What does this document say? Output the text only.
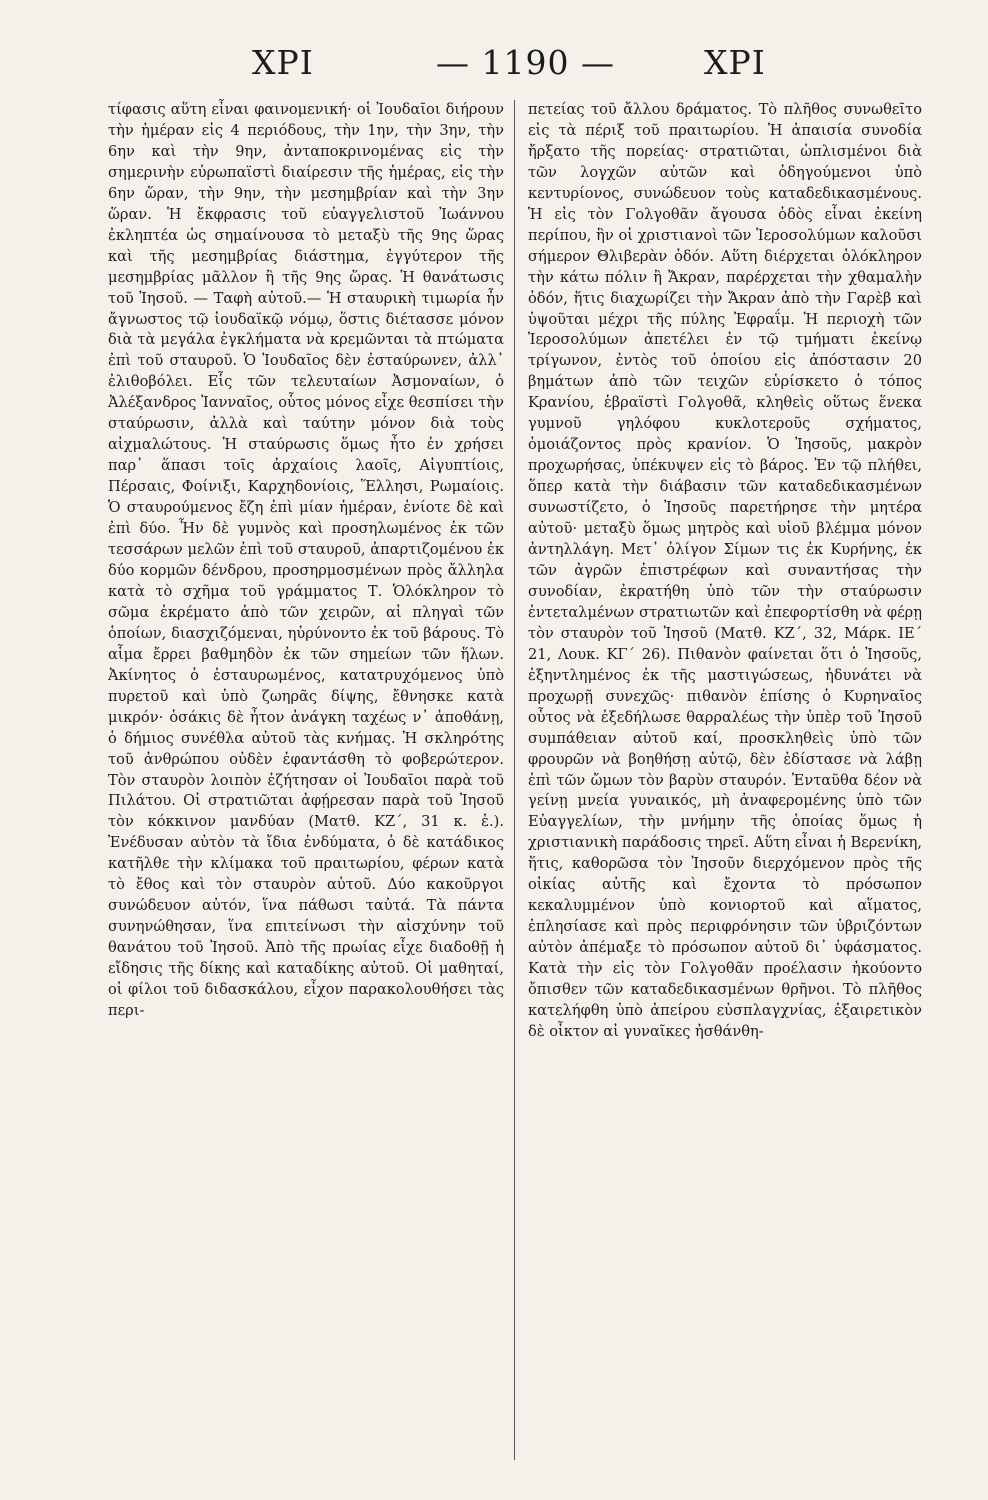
XPI	— 1190 —	XPI

τίφασις αὕτη εἶναι φαινομενική· οἱ Ἰουδαῖοι διήρουν τὴν ἡμέραν εἰς 4 περιόδους, τὴν 1ην, τὴν 3ην, τὴν 6ην καὶ τὴν 9ην, ἀνταποκρινομένας εἰς τὴν σημερινὴν εὐρωπαϊστὶ διαίρεσιν τῆς ἡμέρας, εἰς τὴν 6ην ὥραν, τὴν 9ην, τὴν μεσημβρίαν καὶ τὴν 3ην ὥραν. Ἡ ἔκφρασις τοῦ εὐαγγελιστοῦ Ἰωάννου ἐκληπτέα ὡς σημαίνουσα τὸ μεταξὺ τῆς 9ης ὥρας καὶ τῆς μεσημβρίας διάστημα, ἐγγύτερον τῆς μεσημβρίας μᾶλλον ἢ τῆς 9ης ὥρας. Ἡ θανάτωσις τοῦ Ἰησοῦ. — Ταφὴ αὐτοῦ.— Ἡ σταυρικὴ τιμωρία ἦν ἄγνωστος τῷ ἰουδαϊκῷ νόμῳ, ὅστις διέτασσε μόνον διὰ τὰ μεγάλα ἐγκλήματα νὰ κρεμῶνται τὰ πτώματα ἐπὶ τοῦ σταυροῦ. Ὁ Ἰουδαῖος δὲν ἐσταύρωνεν, ἀλλ᾽ ἐλιθοβόλει. Εἷς τῶν τελευταίων Ἀσμοναίων, ὁ Ἀλέξανδρος Ἰανναῖος, οὗτος μόνος εἶχε θεσπίσει τὴν σταύρωσιν, ἀλλὰ καὶ ταύτην μόνον διὰ τοὺς αἰχμαλώτους. Ἡ σταύρωσις ὅμως ἦτο ἐν χρήσει παρ᾽ ἅπασι τοῖς ἀρχαίοις λαοῖς, Αἰγυπτίοις, Πέρσαις, Φοίνιξι, Καρχηδονίοις, Ἕλλησι, Ρωμαίοις. Ὁ σταυρούμενος ἔζη ἐπὶ μίαν ἡμέραν, ἐνίοτε δὲ καὶ ἐπὶ δύο. Ἦν δὲ γυμνὸς καὶ προσηλωμένος ἐκ τῶν τεσσάρων μελῶν ἐπὶ τοῦ σταυροῦ, ἀπαρτιζομένου ἐκ δύο κορμῶν δένδρου, προσηρμοσμένων πρὸς ἄλληλα κατὰ τὸ σχῆμα τοῦ γράμματος Τ. Ὁλόκληρον τὸ σῶμα ἐκρέματο ἀπὸ τῶν χειρῶν, αἱ πληγαὶ τῶν ὁποίων, διασχιζόμεναι, ηὐρύνοντο ἐκ τοῦ βάρους. Τὸ αἷμα ἔρρει βαθμηδὸν ἐκ τῶν σημείων τῶν ἥλων. Ἀκίνητος ὁ ἐσταυρωμένος, κατατρυχόμενος ὑπὸ πυρετοῦ καὶ ὑπὸ ζωηρᾶς δίψης, ἔθνησκε κατὰ μικρόν· ὁσάκις δὲ ἦτον ἀνάγκη ταχέως ν᾽ ἀποθάνῃ, ὁ δήμιος συνέθλα αὐτοῦ τὰς κνήμας. Ἡ σκληρότης τοῦ ἀνθρώπου οὐδὲν ἐφαντάσθη τὸ φοβερώτερον. Τὸν σταυρὸν λοιπὸν ἐζήτησαν οἱ Ἰουδαῖοι παρὰ τοῦ Πιλάτου. Οἱ στρατιῶται ἀφῄρεσαν παρὰ τοῦ Ἰησοῦ τὸν κόκκινον μανδύαν (Ματθ. ΚΖ΄, 31 κ. ἑ.). Ἐνέδυσαν αὐτὸν τὰ ἴδια ἐνδύματα, ὁ δὲ κατάδικος κατῆλθε τὴν κλίμακα τοῦ πραιτωρίου, φέρων κατὰ τὸ ἔθος καὶ τὸν σταυρὸν αὐτοῦ. Δύο κακοῦργοι συνώδευον αὐτόν, ἵνα πάθωσι ταὐτά. Τὰ πάντα συνηνώθησαν, ἵνα επιτείνωσι τὴν αἰσχύνην τοῦ θανάτου τοῦ Ἰησοῦ. Ἀπὸ τῆς πρωίας εἶχε διαδοθῇ ἡ εἴδησις τῆς δίκης καὶ καταδίκης αὐτοῦ. Οἱ μαθηταί, οἱ φίλοι τοῦ διδασκάλου, εἶχον παρακολουθήσει τὰς περι-

πετείας τοῦ ἄλλου δράματος. Τὸ πλῆθος συνωθεῖτο εἰς τὰ πέριξ τοῦ πραιτωρίου. Ἡ ἀπαισία συνοδία ἤρξατο τῆς πορείας· στρατιῶται, ὡπλισμένοι διὰ τῶν λογχῶν αὐτῶν καὶ ὁδηγούμενοι ὑπὸ κεντυρίονος, συνώδευον τοὺς καταδεδικασμένους. Ἡ εἰς τὸν Γολγοθᾶν ἄγουσα ὁδὸς εἶναι ἐκείνη περίπου, ἣν οἱ χριστιανοὶ τῶν Ἱεροσολύμων καλοῦσι σήμερον Θλιβερὰν ὁδόν. Αὕτη διέρχεται ὁλόκληρον τὴν κάτω πόλιν ἢ Ἄκραν, παρέρχεται τὴν χθαμαλὴν ὁδόν, ἥτις διαχωρίζει τὴν Ἄκραν ἀπὸ τὴν Γαρὲβ καὶ ὑψοῦται μέχρι τῆς πύλης Ἐφραΐμ. Ἡ περιοχὴ τῶν Ἱεροσολύμων ἀπετέλει ἐν τῷ τμήματι ἐκείνῳ τρίγωνον, ἐντὸς τοῦ ὁποίου εἰς ἀπόστασιν 20 βημάτων ἀπὸ τῶν τειχῶν εὑρίσκετο ὁ τόπος Κρανίου, ἑβραϊστὶ Γολγοθᾶ, κληθεὶς οὕτως ἕνεκα γυμνοῦ γηλόφου κυκλοτεροῦς σχήματος, ὁμοιάζοντος πρὸς κρανίον. Ὁ Ἰησοῦς, μακρὸν προχωρήσας, ὑπέκυψεν εἰς τὸ βάρος. Ἐν τῷ πλήθει, ὅπερ κατὰ τὴν διάβασιν τῶν καταδεδικασμένων συνωστίζετο, ὁ Ἰησοῦς παρετήρησε τὴν μητέρα αὐτοῦ· μεταξὺ ὅμως μητρὸς καὶ υἱοῦ βλέμμα μόνον ἀντηλλάγη. Μετ᾽ ὀλίγον Σίμων τις ἐκ Κυρήνης, ἐκ τῶν ἀγρῶν ἐπιστρέφων καὶ συναντήσας τὴν συνοδίαν, ἐκρατήθη ὑπὸ τῶν τὴν σταύρωσιν ἐντεταλμένων στρατιωτῶν καὶ ἐπεφορτίσθη νὰ φέρῃ τὸν σταυρὸν τοῦ Ἰησοῦ (Ματθ. ΚΖ΄, 32, Μάρκ. ΙΕ΄ 21, Λουκ. ΚΓ΄ 26). Πιθανὸν φαίνεται ὅτι ὁ Ἰησοῦς, ἐξηντλημένος ἐκ τῆς μαστιγώσεως, ἠδυνάτει νὰ προχωρῇ συνεχῶς· πιθανὸν ἐπίσης ὁ Κυρηναῖος οὗτος νὰ ἐξεδήλωσε θαρραλέως τὴν ὑπὲρ τοῦ Ἰησοῦ συμπάθειαν αὐτοῦ καί, προσκληθεὶς ὑπὸ τῶν φρουρῶν νὰ βοηθήσῃ αὐτῷ, δὲν ἐδίστασε νὰ λάβῃ ἐπὶ τῶν ὤμων τὸν βαρὺν σταυρόν. Ἐνταῦθα δέον νὰ γείνῃ μνεία γυναικός, μὴ ἀναφερομένης ὑπὸ τῶν Εὐαγγελίων, τὴν μνήμην τῆς ὁποίας ὅμως ἡ χριστιανικὴ παράδοσις τηρεῖ. Αὕτη εἶναι ἡ Βερενίκη, ἥτις, καθορῶσα τὸν Ἰησοῦν διερχόμενον πρὸς τῆς οἰκίας αὐτῆς καὶ ἔχοντα τὸ πρόσωπον κεκαλυμμένον ὑπὸ κονιορτοῦ καὶ αἵματος, ἐπλησίασε καὶ πρὸς περιφρόνησιν τῶν ὑβριζόντων αὐτὸν ἀπέμαξε τὸ πρόσωπον αὐτοῦ δι᾽ ὑφάσματος. Κατὰ τὴν εἰς τὸν Γολγοθᾶν προέλασιν ἠκούοντο ὄπισθεν τῶν καταδεδικασμένων θρῆνοι. Τὸ πλῆθος κατελήφθη ὑπὸ ἀπείρου εὐσπλαγχνίας, ἐξαιρετικὸν δὲ οἶκτον αἱ γυναῖκες ἠσθάνθη-
